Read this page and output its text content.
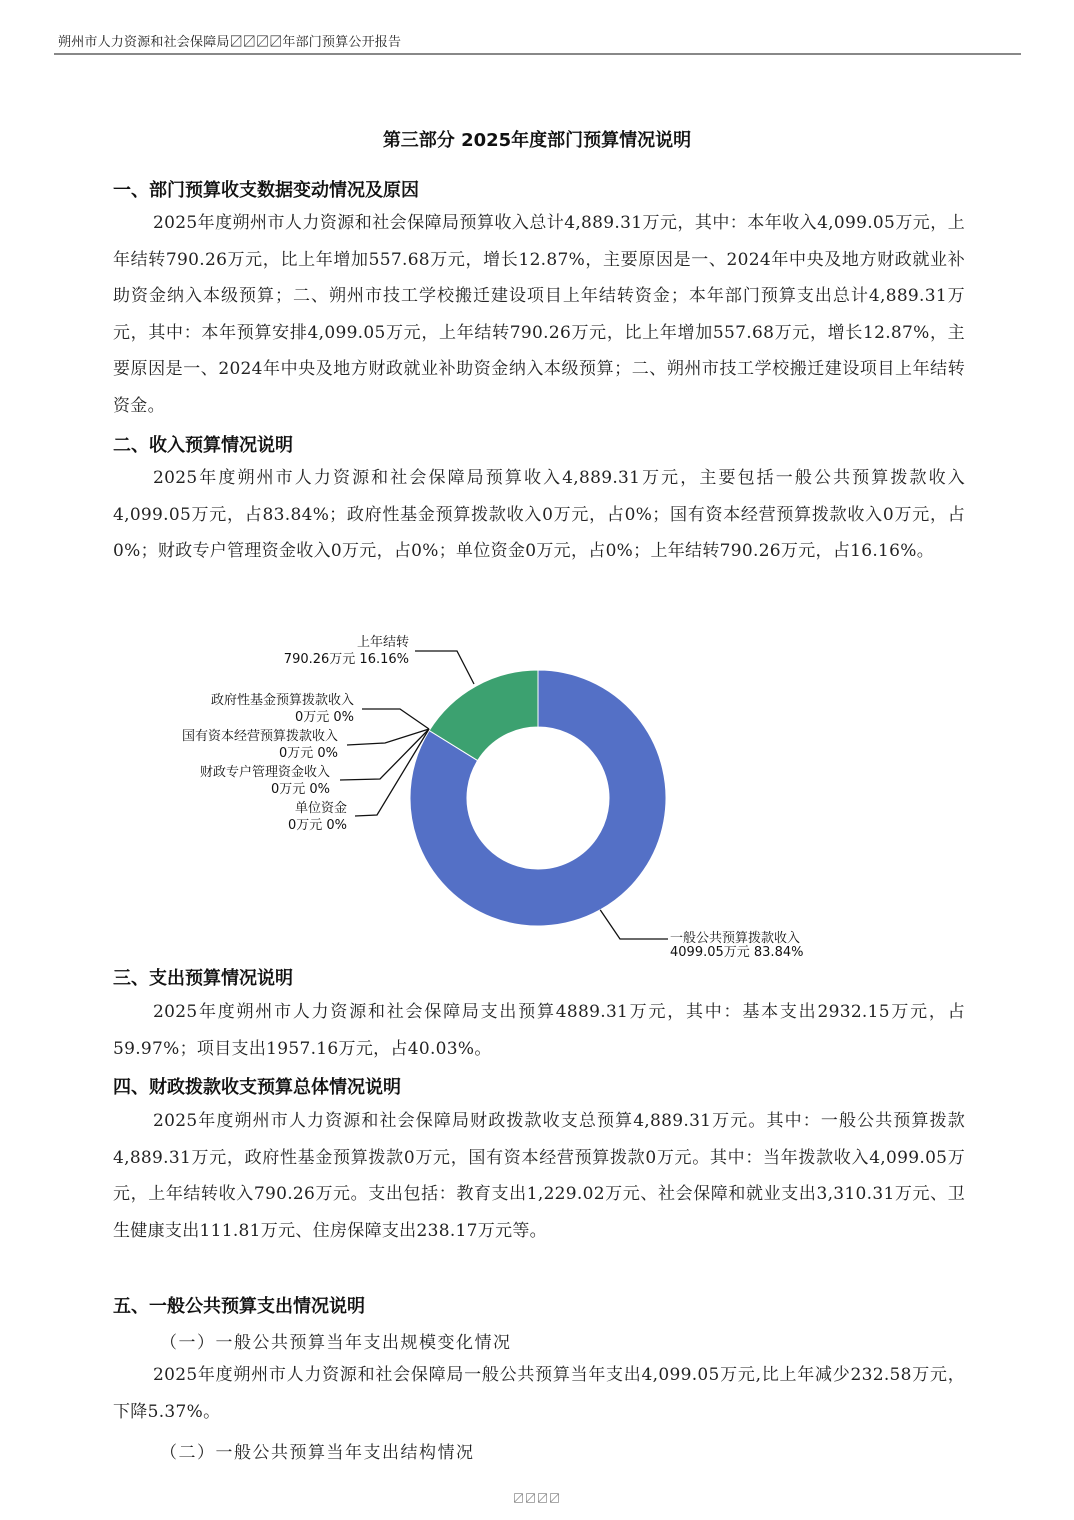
朔州市人力资源和社会保障局〼〼〼〼年部门预算公开报告
第三部分 2025年度部门预算情况说明
一、部门预算收支数据变动情况及原因
2025年度朔州市人力资源和社会保障局预算收入总计4,889.31万元，其中：本年收入4,099.05万元，上年结转790.26万元，比上年增加557.68万元，增长12.87%，主要原因是一、2024年中央及地方财政就业补助资金纳入本级预算；二、朔州市技工学校搬迁建设项目上年结转资金；本年部门预算支出总计4,889.31万元，其中：本年预算安排4,099.05万元，上年结转790.26万元，比上年增加557.68万元，增长12.87%，主要原因是一、2024年中央及地方财政就业补助资金纳入本级预算；二、朔州市技工学校搬迁建设项目上年结转资金。
二、收入预算情况说明
2025年度朔州市人力资源和社会保障局预算收入4,889.31万元，主要包括一般公共预算拨款收入4,099.05万元，占83.84%；政府性基金预算拨款收入0万元，占0%；国有资本经营预算拨款收入0万元，占0%；财政专户管理资金收入0万元，占0%；单位资金0万元，占0%；上年结转790.26万元，占16.16%。
一般公共预算拨款收入
4099.05万元 83.84%
政府性基金预算拨款收入
0万元 0%
国有资本经营预算拨款收入
0万元 0%
财政专户管理资金收入
0万元 0%
单位资金
0万元 0%
上年结转
790.26万元 16.16%
三、支出预算情况说明
2025年度朔州市人力资源和社会保障局支出预算4889.31万元，其中：基本支出2932.15万元，占59.97%；项目支出1957.16万元，占40.03%。
四、财政拨款收支预算总体情况说明
2025年度朔州市人力资源和社会保障局财政拨款收支总预算4,889.31万元。其中：一般公共预算拨款4,889.31万元，政府性基金预算拨款0万元，国有资本经营预算拨款0万元。其中：当年拨款收入4,099.05万元，上年结转收入790.26万元。支出包括：教育支出1,229.02万元、社会保障和就业支出3,310.31万元、卫生健康支出111.81万元、住房保障支出238.17万元等。
五、一般公共预算支出情况说明
（一）一般公共预算当年支出规模变化情况
2025年度朔州市人力资源和社会保障局一般公共预算当年支出4,099.05万元,比上年减少232.58万元，下降5.37%。
（二）一般公共预算当年支出结构情况
〼〼〼〼
